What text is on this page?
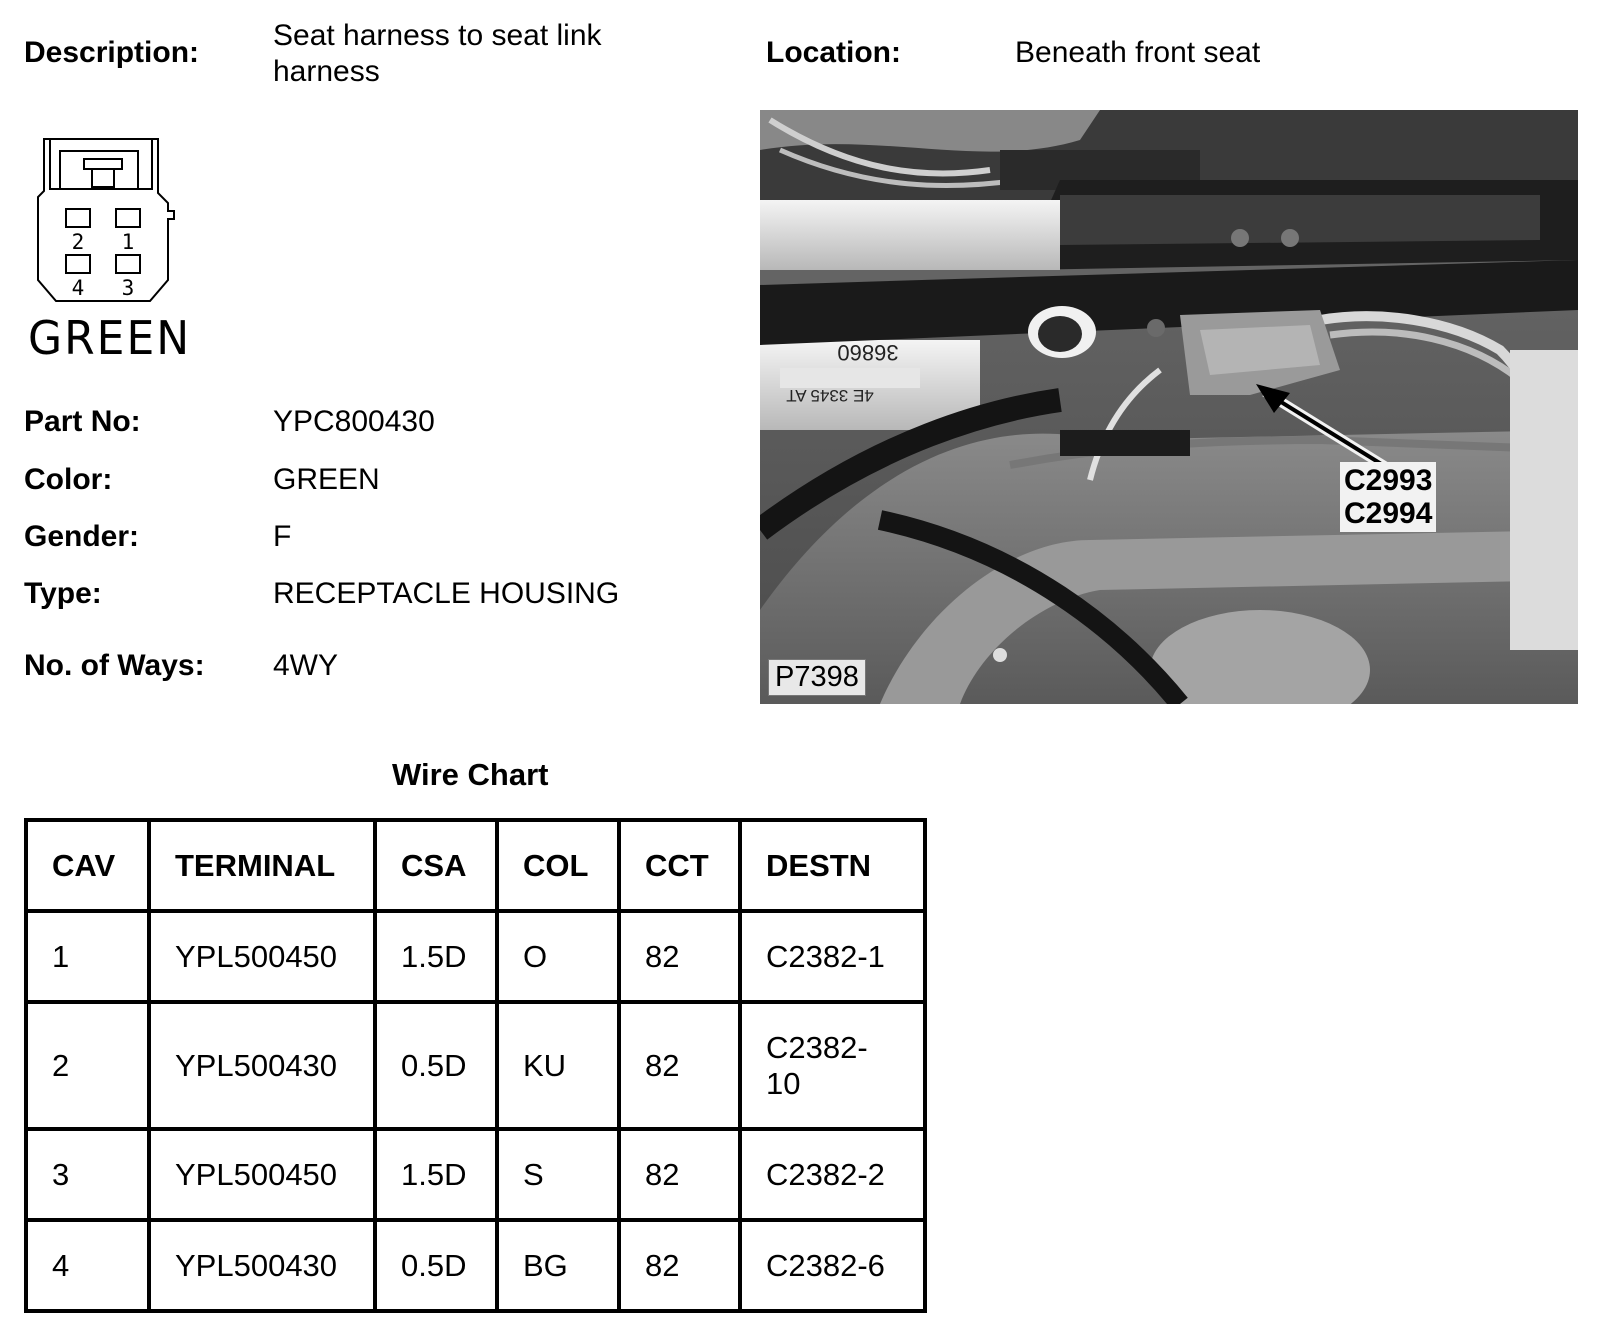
Description:
Seat harness to seat link harness
Location:	Beneath front seat
1
2
3
4
GREEN
Part No:	YPC800430
Color:	GREEN
Gender:	F
Type:	RECEPTACLE HOUSING
No. of Ways: 4WY
36860
4E 3345 AT
C2993
C2994
P7398
Wire Chart
CAV	TERMINAL	CSA	COL	CCT	DESTN
1	YPL500450	1.5D	O	82	C2382-1
2	YPL500430	0.5D	KU	82	C2382-10
3	YPL500450	1.5D	S	82	C2382-2
4	YPL500430	0.5D	BG	82	C2382-6
